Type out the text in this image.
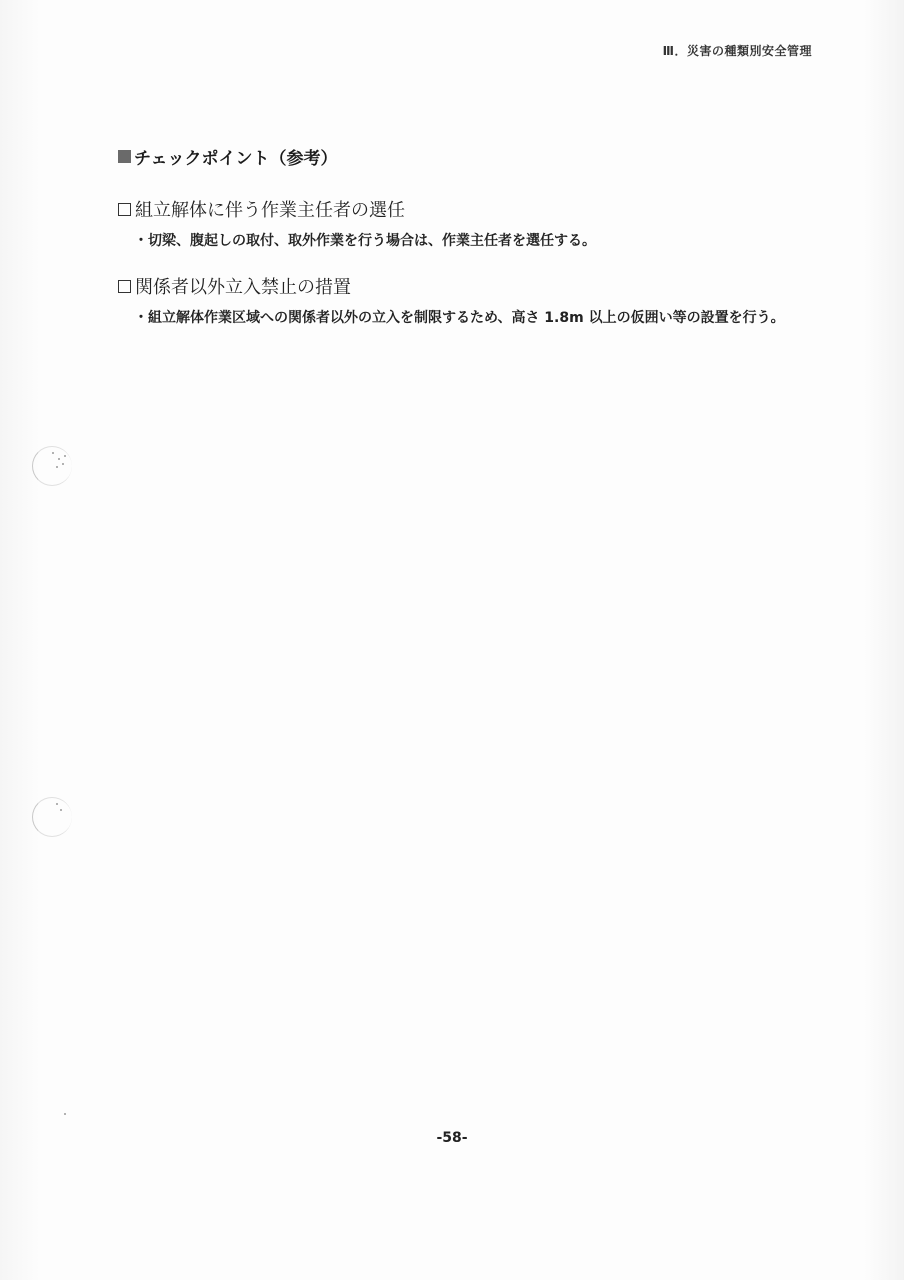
Ⅲ．災害の種類別安全管理
チェックポイント（参考）
組立解体に伴う作業主任者の選任
・ 切梁、腹起しの取付、取外作業を行う場合は、作業主任者を選任する。
関係者以外立入禁止の措置
・ 組立解体作業区域への関係者以外の立入を制限するため、高さ 1.8m 以上の仮囲い等の設置を行う。
-58-
